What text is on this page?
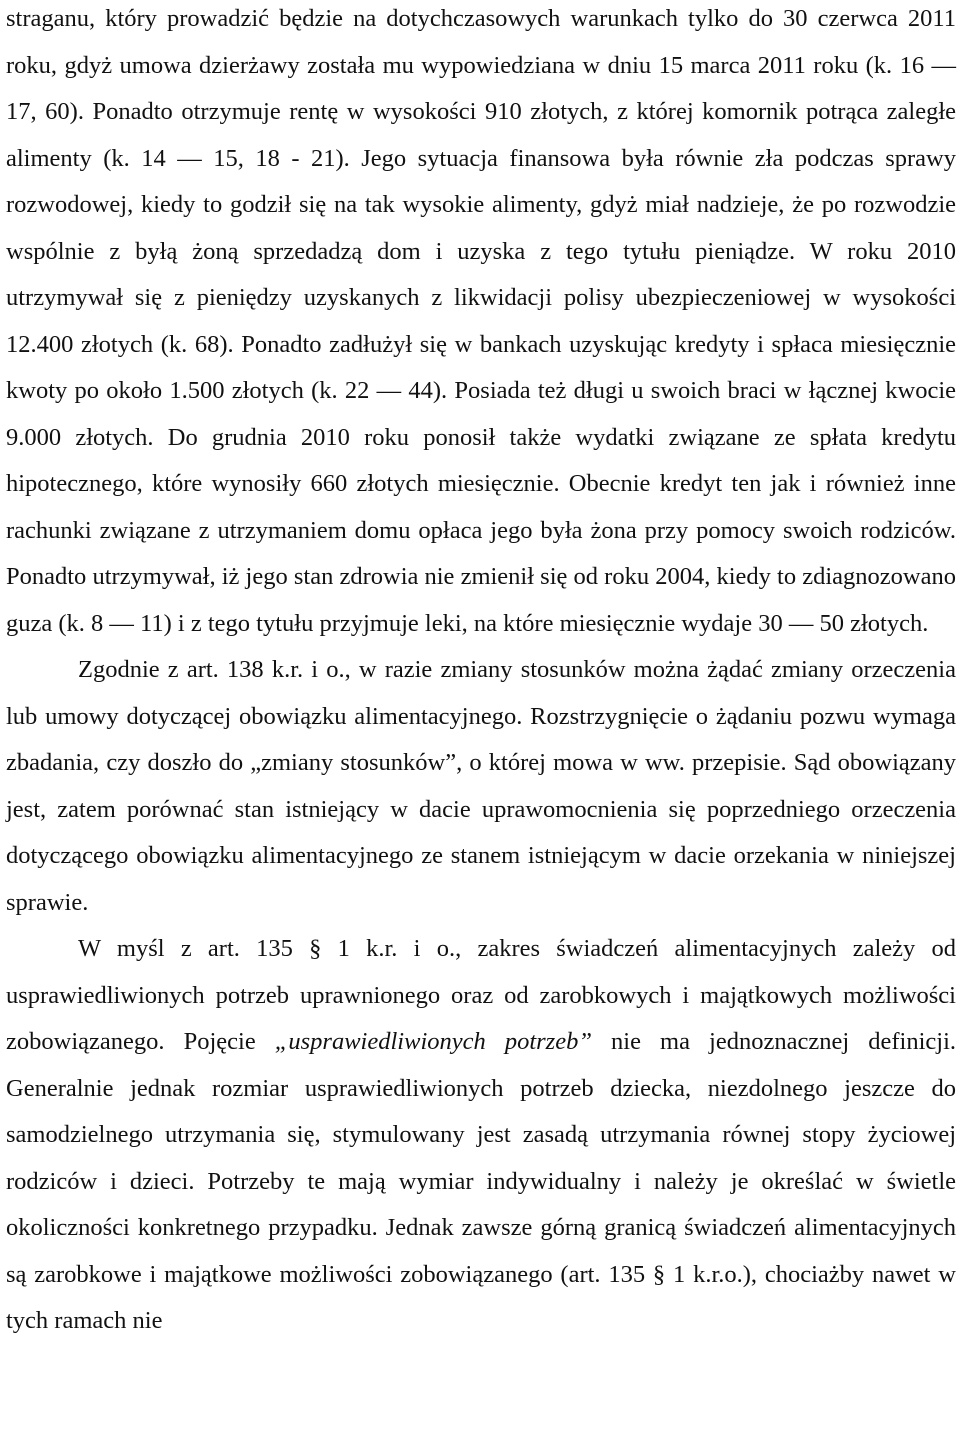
straganu, który prowadzić będzie na dotychczasowych warunkach tylko do 30 czerwca 2011 roku, gdyż umowa dzierżawy została mu wypowiedziana w dniu 15 marca 2011 roku (k. 16 — 17, 60). Ponadto otrzymuje rentę w wysokości 910 złotych, z której komornik potrąca zaległe alimenty (k. 14 — 15, 18 - 21). Jego sytuacja finansowa była równie zła podczas sprawy rozwodowej, kiedy to godził się na tak wysokie alimenty, gdyż miał nadzieje, że po rozwodzie wspólnie z byłą żoną sprzedadzą dom i uzyska z tego tytułu pieniądze. W roku 2010 utrzymywał się z pieniędzy uzyskanych z likwidacji polisy ubezpieczeniowej w wysokości 12.400 złotych (k. 68). Ponadto zadłużył się w bankach uzyskując kredyty i spłaca miesięcznie kwoty po około 1.500 złotych (k. 22 — 44). Posiada też długi u swoich braci w łącznej kwocie 9.000 złotych. Do grudnia 2010 roku ponosił także wydatki związane ze spłata kredytu hipotecznego, które wynosiły 660 złotych miesięcznie. Obecnie kredyt ten jak i również inne rachunki związane z utrzymaniem domu opłaca jego była żona przy pomocy swoich rodziców. Ponadto utrzymywał, iż jego stan zdrowia nie zmienił się od roku 2004, kiedy to zdiagnozowano guza (k. 8 — 11) i z tego tytułu przyjmuje leki, na które miesięcznie wydaje 30 — 50 złotych.

Zgodnie z art. 138 k.r. i o., w razie zmiany stosunków można żądać zmiany orzeczenia lub umowy dotyczącej obowiązku alimentacyjnego. Rozstrzygnięcie o żądaniu pozwu wymaga zbadania, czy doszło do „zmiany stosunków”, o której mowa w ww. przepisie. Sąd obowiązany jest, zatem porównać stan istniejący w dacie uprawomocnienia się poprzedniego orzeczenia dotyczącego obowiązku alimentacyjnego ze stanem istniejącym w dacie orzekania w niniejszej sprawie.

W myśl z art. 135 § 1 k.r. i o., zakres świadczeń alimentacyjnych zależy od usprawiedliwionych potrzeb uprawnionego oraz od zarobkowych i majątkowych możliwości zobowiązanego. Pojęcie „usprawiedliwionych potrzeb” nie ma jednoznacznej definicji. Generalnie jednak rozmiar usprawiedliwionych potrzeb dziecka, niezdolnego jeszcze do samodzielnego utrzymania się, stymulowany jest zasadą utrzymania równej stopy życiowej rodziców i dzieci. Potrzeby te mają wymiar indywidualny i należy je określać w świetle okoliczności konkretnego przypadku. Jednak zawsze górną granicą świadczeń alimentacyjnych są zarobkowe i majątkowe możliwości zobowiązanego (art. 135 § 1 k.r.o.), chociażby nawet w tych ramach nie
